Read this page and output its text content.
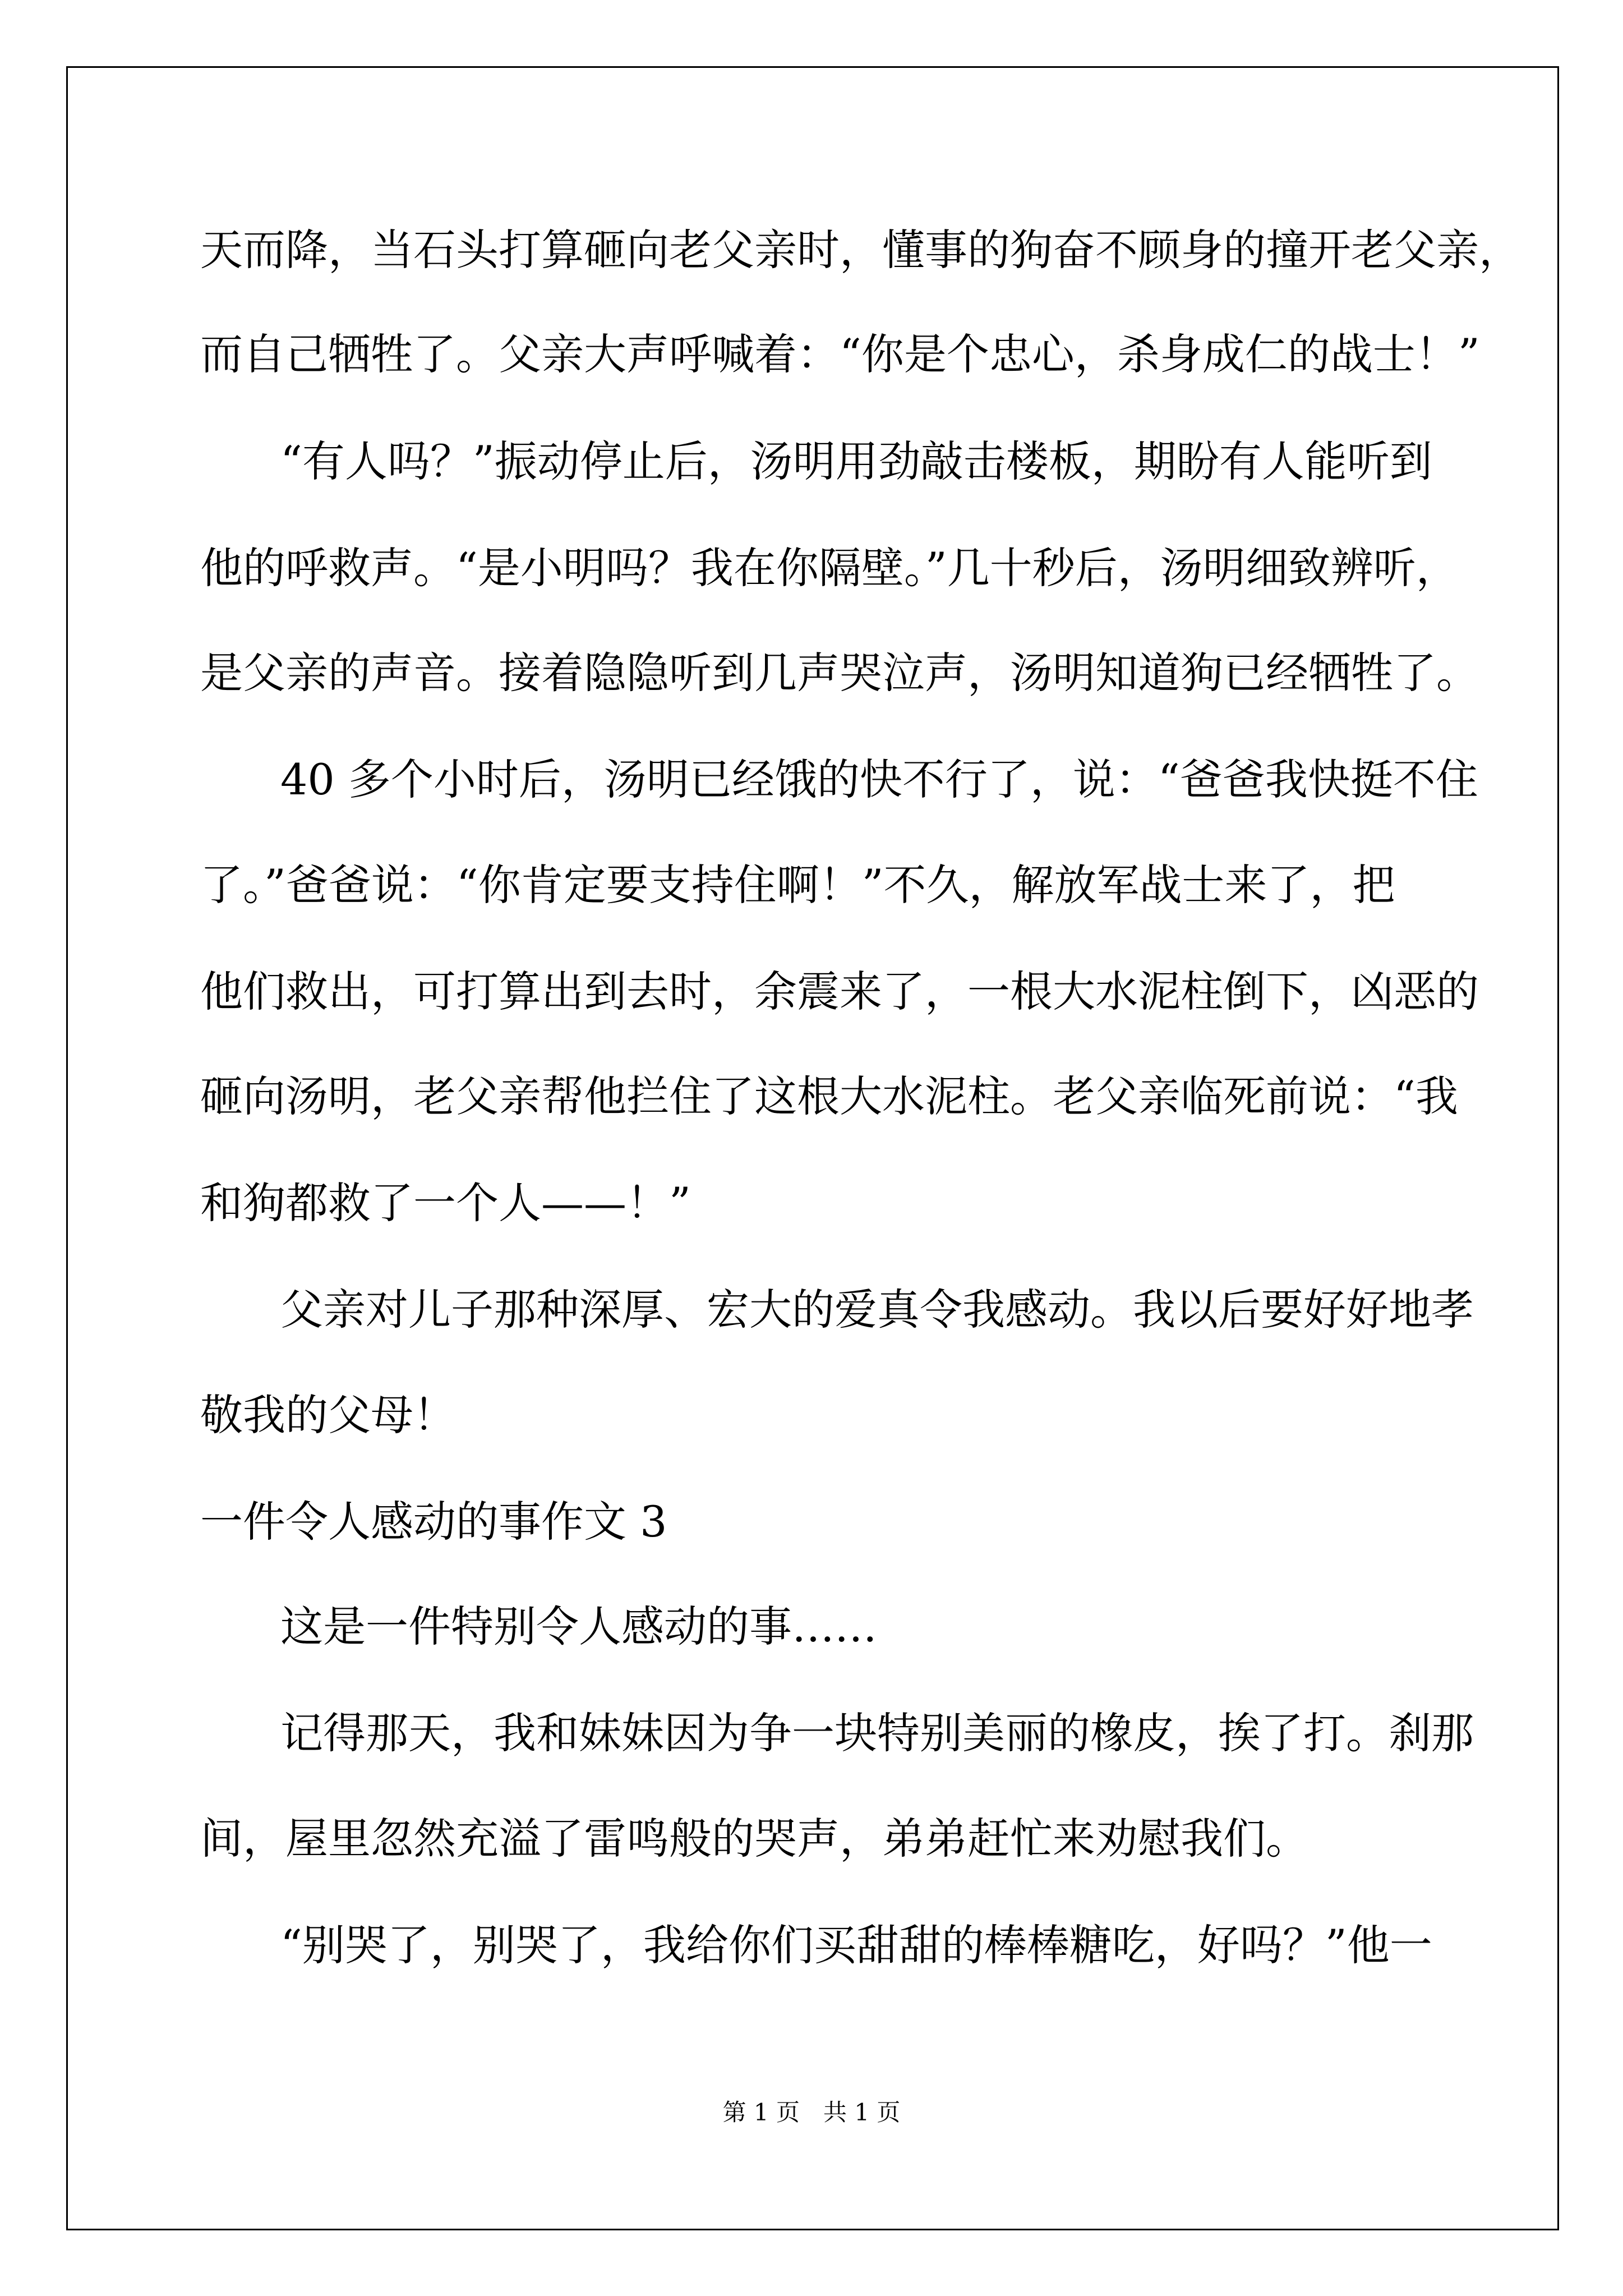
天而降，当石头打算砸向老父亲时，懂事的狗奋不顾身的撞开老父亲，
而自己牺牲了。父亲大声呼喊着：“你是个忠心，杀身成仁的战士！”
“有人吗？”振动停止后，汤明用劲敲击楼板，期盼有人能听到
他的呼救声。“是小明吗？我在你隔壁。”几十秒后，汤明细致辨听，
是父亲的声音。接着隐隐听到几声哭泣声，汤明知道狗已经牺牲了。
40 多个小时后，汤明已经饿的快不行了，说：“爸爸我快挺不住
了。”爸爸说：“你肯定要支持住啊！”不久，解放军战士来了，把
他们救出，可打算出到去时，余震来了，一根大水泥柱倒下，凶恶的
砸向汤明，老父亲帮他拦住了这根大水泥柱。老父亲临死前说：“我
和狗都救了一个人——！”
父亲对儿子那种深厚、宏大的爱真令我感动。我以后要好好地孝
敬我的父母！
一件令人感动的事作文 3
这是一件特别令人感动的事……
记得那天，我和妹妹因为争一块特别美丽的橡皮，挨了打。刹那
间，屋里忽然充溢了雷鸣般的哭声，弟弟赶忙来劝慰我们。
“别哭了，别哭了，我给你们买甜甜的棒棒糖吃，好吗？”他一
第 1 页　共 1 页
